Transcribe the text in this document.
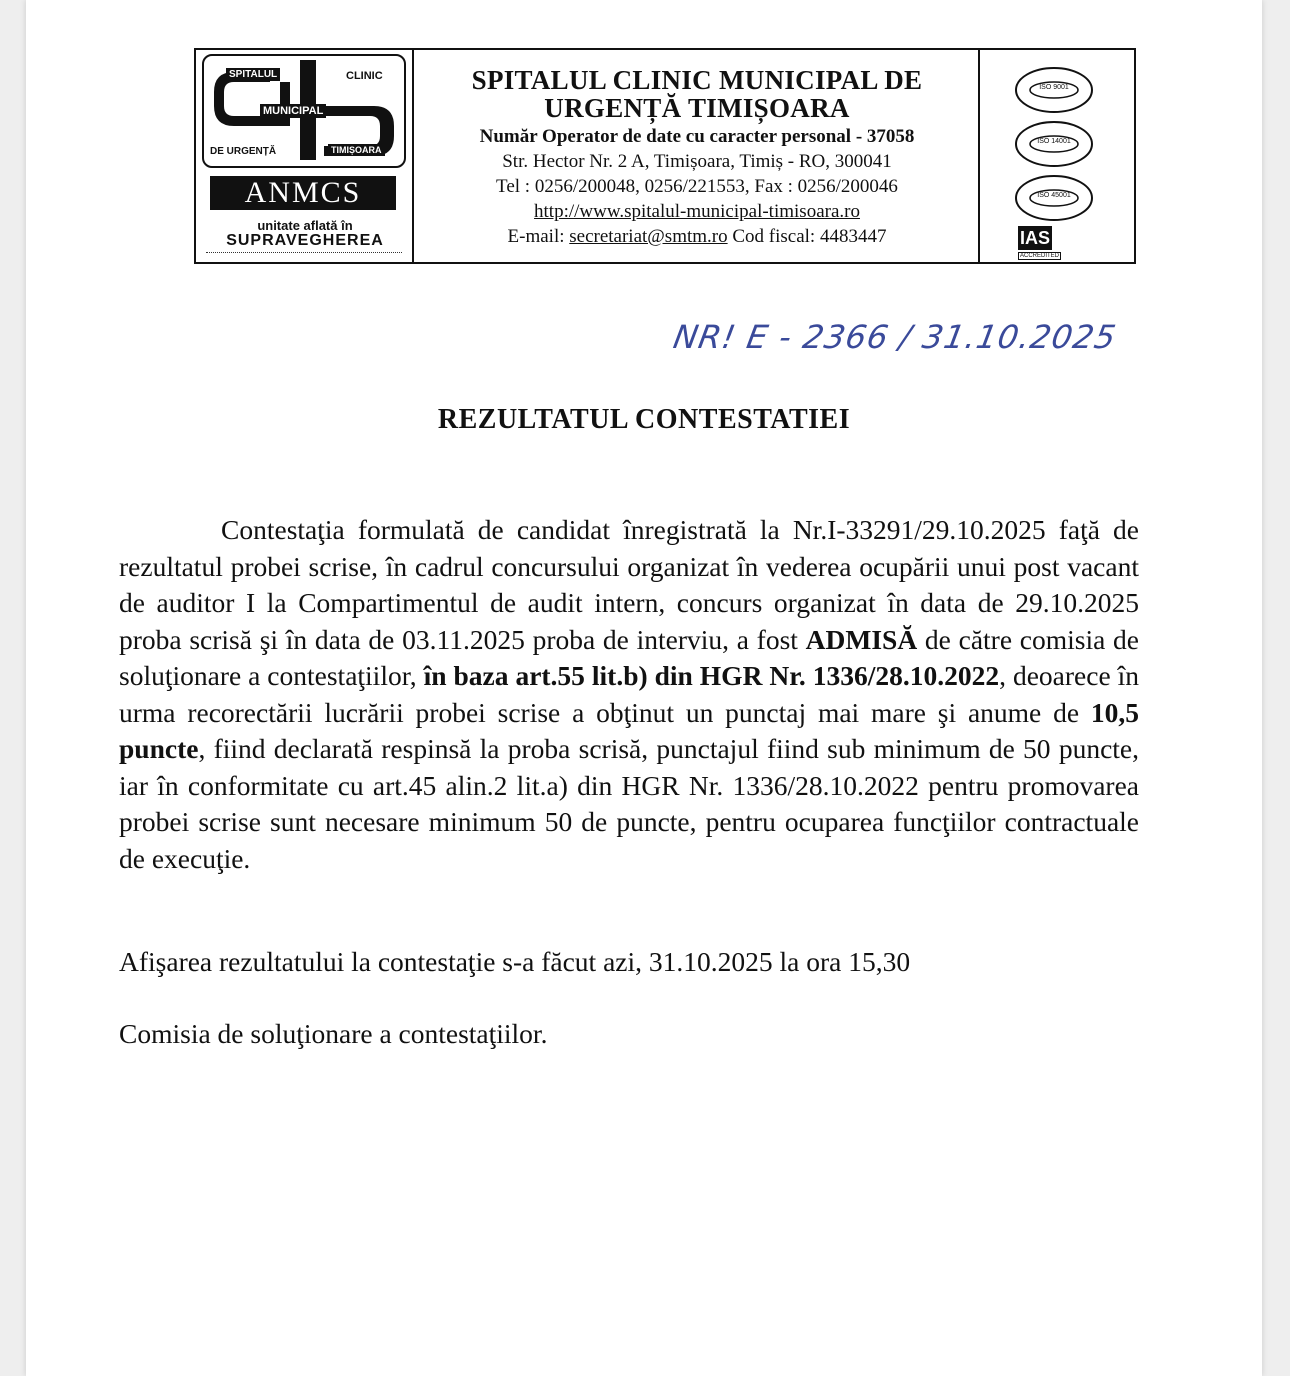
SPITALUL	CLINIC
MUNICIPAL
DE URGENȚĂ	TIMIȘOARA
ANMCS
unitate aflată în
SUPRAVEGHEREA
SPITALUL CLINIC MUNICIPAL DE
URGENȚĂ TIMIȘOARA
Număr Operator de date cu caracter personal - 37058
Str. Hector Nr. 2 A, Timișoara, Timiș - RO, 300041
Tel : 0256/200048, 0256/221553, Fax : 0256/200046
http://www.spitalul-municipal-timisoara.ro
E-mail: secretariat@smtm.ro Cod fiscal: 4483447
ISO 9001
ISO 14001
ISO 45001
IAS ACCREDITED
NR! E - 2366 / 31.10.2025
REZULTATUL CONTESTATIEI
Contestaţia formulată de candidat înregistrată la Nr.I-33291/29.10.2025 faţă de rezultatul probei scrise, în cadrul concursului organizat în vederea ocupării unui post vacant de auditor I la Compartimentul de audit intern, concurs organizat în data de 29.10.2025 proba scrisă şi în data de 03.11.2025 proba de interviu, a fost ADMISĂ de către comisia de soluţionare a contestaţiilor, în baza art.55 lit.b) din HGR Nr. 1336/28.10.2022, deoarece în urma recorectării lucrării probei scrise a obţinut un punctaj mai mare şi anume de 10,5 puncte, fiind declarată respinsă la proba scrisă, punctajul fiind sub minimum de 50 puncte, iar în conformitate cu art.45 alin.2 lit.a) din HGR Nr. 1336/28.10.2022 pentru promovarea probei scrise sunt necesare minimum 50 de puncte, pentru ocuparea funcţiilor contractuale de execuţie.
Afişarea rezultatului la contestaţie s-a făcut azi, 31.10.2025 la ora 15,30
Comisia de soluţionare a contestaţiilor.
